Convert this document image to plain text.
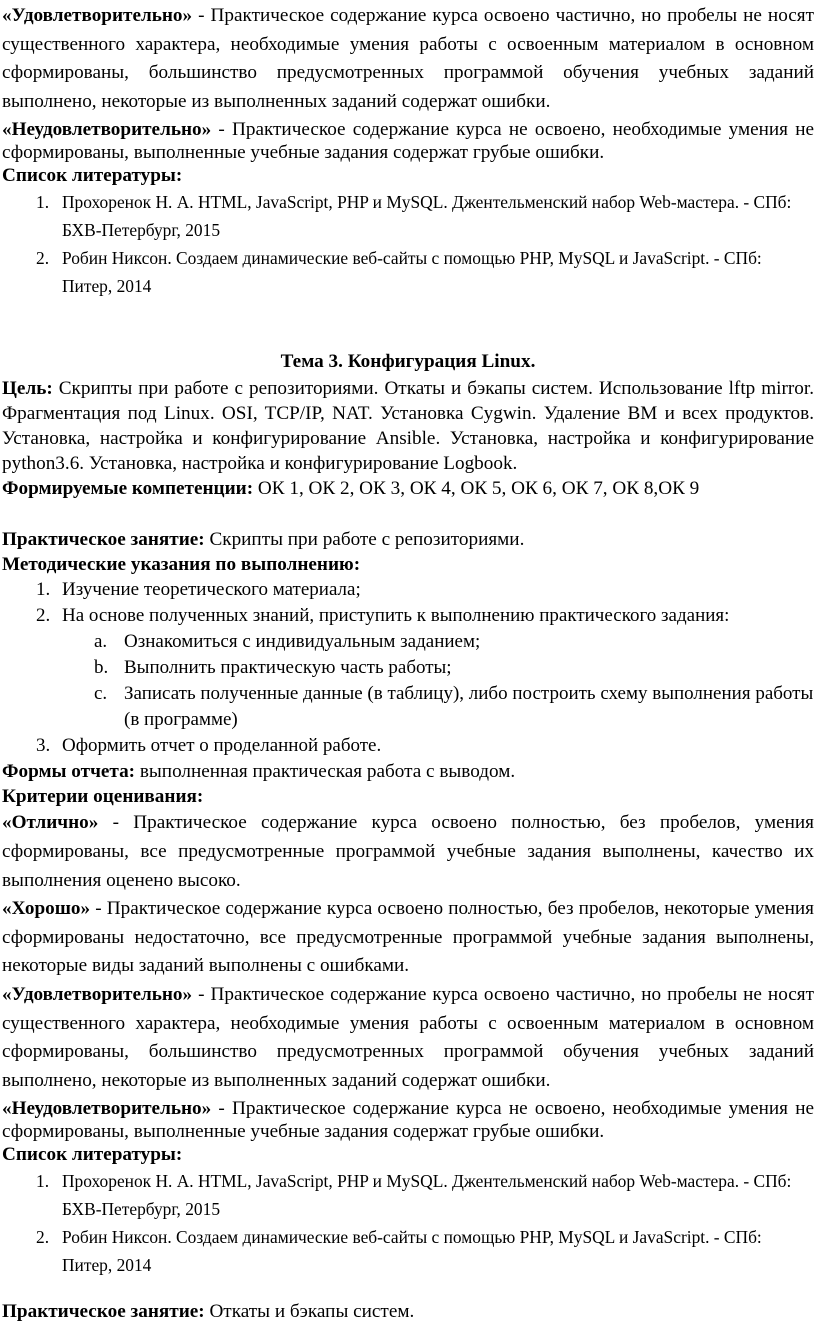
«Удовлетворительно» - Практическое содержание курса освоено частично, но пробелы не носят существенного характера, необходимые умения работы с освоенным материалом в основном сформированы, большинство предусмотренных программой обучения учебных заданий выполнено, некоторые из выполненных заданий содержат ошибки.

«Неудовлетворительно» - Практическое содержание курса не освоено, необходимые умения не сформированы, выполненные учебные задания содержат грубые ошибки.

Список литературы:

1. Прохоренок Н. А. HTML, JavaScript, PHP и MySQL. Джентельменский набор Web-мастера. - СПб: БХВ-Петербург, 2015
2. Робин Никсон. Создаем динамические веб-сайты с помощью PHP, MySQL и JavaScript. - СПб: Питер, 2014

Тема 3. Конфигурация Linux.

Цель: Скрипты при работе с репозиториями. Откаты и бэкапы систем. Использование lftp mirror. Фрагментация под Linux. OSI, TCP/IP, NAT. Установка Cygwin. Удаление ВМ и всех продуктов. Установка, настройка и конфигурирование Ansible. Установка, настройка и конфигурирование python3.6. Установка, настройка и конфигурирование Logbook.

Формируемые компетенции: ОК 1, ОК 2, ОК 3, ОК 4, ОК 5, ОК 6, ОК 7, ОК 8,ОК 9

Практическое занятие: Скрипты при работе с репозиториями.

Методические указания по выполнению:

1. Изучение теоретического материала;
2. На основе полученных знаний, приступить к выполнению практического задания:
a. Ознакомиться с индивидуальным заданием;
b. Выполнить практическую часть работы;
c. Записать полученные данные (в таблицу), либо построить схему выполнения работы (в программе)
3. Оформить отчет о проделанной работе.

Формы отчета: выполненная практическая работа с выводом.

Критерии оценивания:

«Отлично» - Практическое содержание курса освоено полностью, без пробелов, умения сформированы, все предусмотренные программой учебные задания выполнены, качество их выполнения оценено высоко.

«Хорошо» - Практическое содержание курса освоено полностью, без пробелов, некоторые умения сформированы недостаточно, все предусмотренные программой учебные задания выполнены, некоторые виды заданий выполнены с ошибками.

«Удовлетворительно» - Практическое содержание курса освоено частично, но пробелы не носят существенного характера, необходимые умения работы с освоенным материалом в основном сформированы, большинство предусмотренных программой обучения учебных заданий выполнено, некоторые из выполненных заданий содержат ошибки.

«Неудовлетворительно» - Практическое содержание курса не освоено, необходимые умения не сформированы, выполненные учебные задания содержат грубые ошибки.

Список литературы:

1. Прохоренок Н. А. HTML, JavaScript, PHP и MySQL. Джентельменский набор Web-мастера. - СПб: БХВ-Петербург, 2015
2. Робин Никсон. Создаем динамические веб-сайты с помощью PHP, MySQL и JavaScript. - СПб: Питер, 2014

Практическое занятие: Откаты и бэкапы систем.
